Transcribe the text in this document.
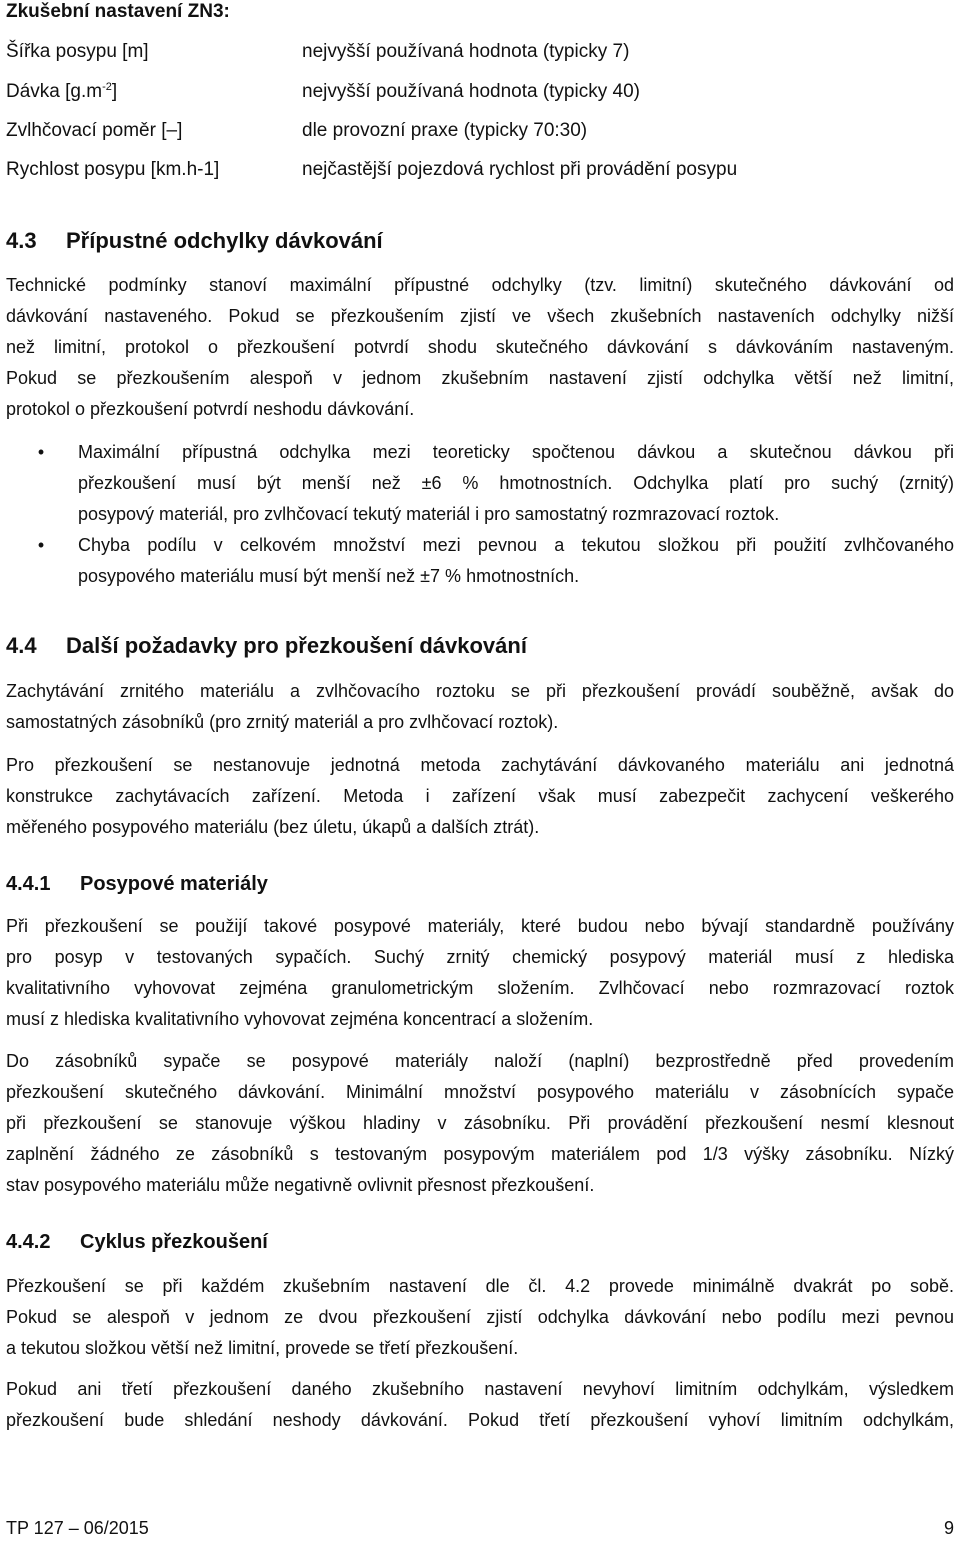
Zkušební nastavení ZN3:
Šířka posypu [m]	nejvyšší používaná hodnota (typicky 7)
Dávka $[g.m^{-2}]$	nejvyšší používaná hodnota (typicky 40)
Zvlhčovací poměr [–]	dle provozní praxe (typicky 70:30)
Rychlost posypu [km.h-1]	nejčastější pojezdová rychlost při provádění posypu
4.3 Přípustné odchylky dávkování
Technické podmínky stanoví maximální přípustné odchylky (tzv. limitní) skutečného dávkování od
dávkování nastaveného. Pokud se přezkoušením zjistí ve všech zkušebních nastaveních odchylky nižší
než limitní, protokol o přezkoušení potvrdí shodu skutečného dávkování s dávkováním nastaveným.
Pokud se přezkoušením alespoň v jednom zkušebním nastavení zjistí odchylka větší než limitní,
protokol o přezkoušení potvrdí neshodu dávkování.
•	Maximální přípustná odchylka mezi teoreticky spočtenou dávkou a skutečnou dávkou při
přezkoušení musí být menší než ±6 % hmotnostních. Odchylka platí pro suchý (zrnitý)
posypový materiál, pro zvlhčovací tekutý materiál i pro samostatný rozmrazovací roztok.
•	Chyba podílu v celkovém množství mezi pevnou a tekutou složkou při použití zvlhčovaného
posypového materiálu musí být menší než ±7 % hmotnostních.
4.4 Další požadavky pro přezkoušení dávkování
Zachytávání zrnitého materiálu a zvlhčovacího roztoku se při přezkoušení provádí souběžně, avšak do
samostatných zásobníků (pro zrnitý materiál a pro zvlhčovací roztok).
Pro přezkoušení se nestanovuje jednotná metoda zachytávání dávkovaného materiálu ani jednotná
konstrukce zachytávacích zařízení. Metoda i zařízení však musí zabezpečit zachycení veškerého
měřeného posypového materiálu (bez úletu, úkapů a dalších ztrát).
4.4.1 Posypové materiály
Při přezkoušení se použijí takové posypové materiály, které budou nebo bývají standardně používány
pro posyp v testovaných sypačích. Suchý zrnitý chemický posypový materiál musí z hlediska
kvalitativního vyhovovat zejména granulometrickým složením. Zvlhčovací nebo rozmrazovací roztok
musí z hlediska kvalitativního vyhovovat zejména koncentrací a složením.
Do zásobníků sypače se posypové materiály naloží (naplní) bezprostředně před provedením
přezkoušení skutečného dávkování. Minimální množství posypového materiálu v zásobnících sypače
při přezkoušení se stanovuje výškou hladiny v zásobníku. Při provádění přezkoušení nesmí klesnout
zaplnění žádného ze zásobníků s testovaným posypovým materiálem pod 1/3 výšky zásobníku. Nízký
stav posypového materiálu může negativně ovlivnit přesnost přezkoušení.
4.4.2 Cyklus přezkoušení
Přezkoušení se při každém zkušebním nastavení dle čl. 4.2 provede minimálně dvakrát po sobě.
Pokud se alespoň v jednom ze dvou přezkoušení zjistí odchylka dávkování nebo podílu mezi pevnou
a tekutou složkou větší než limitní, provede se třetí přezkoušení.
Pokud ani třetí přezkoušení daného zkušebního nastavení nevyhoví limitním odchylkám, výsledkem
přezkoušení bude shledání neshody dávkování. Pokud třetí přezkoušení vyhoví limitním odchylkám,
TP 127 – 06/2015	9
